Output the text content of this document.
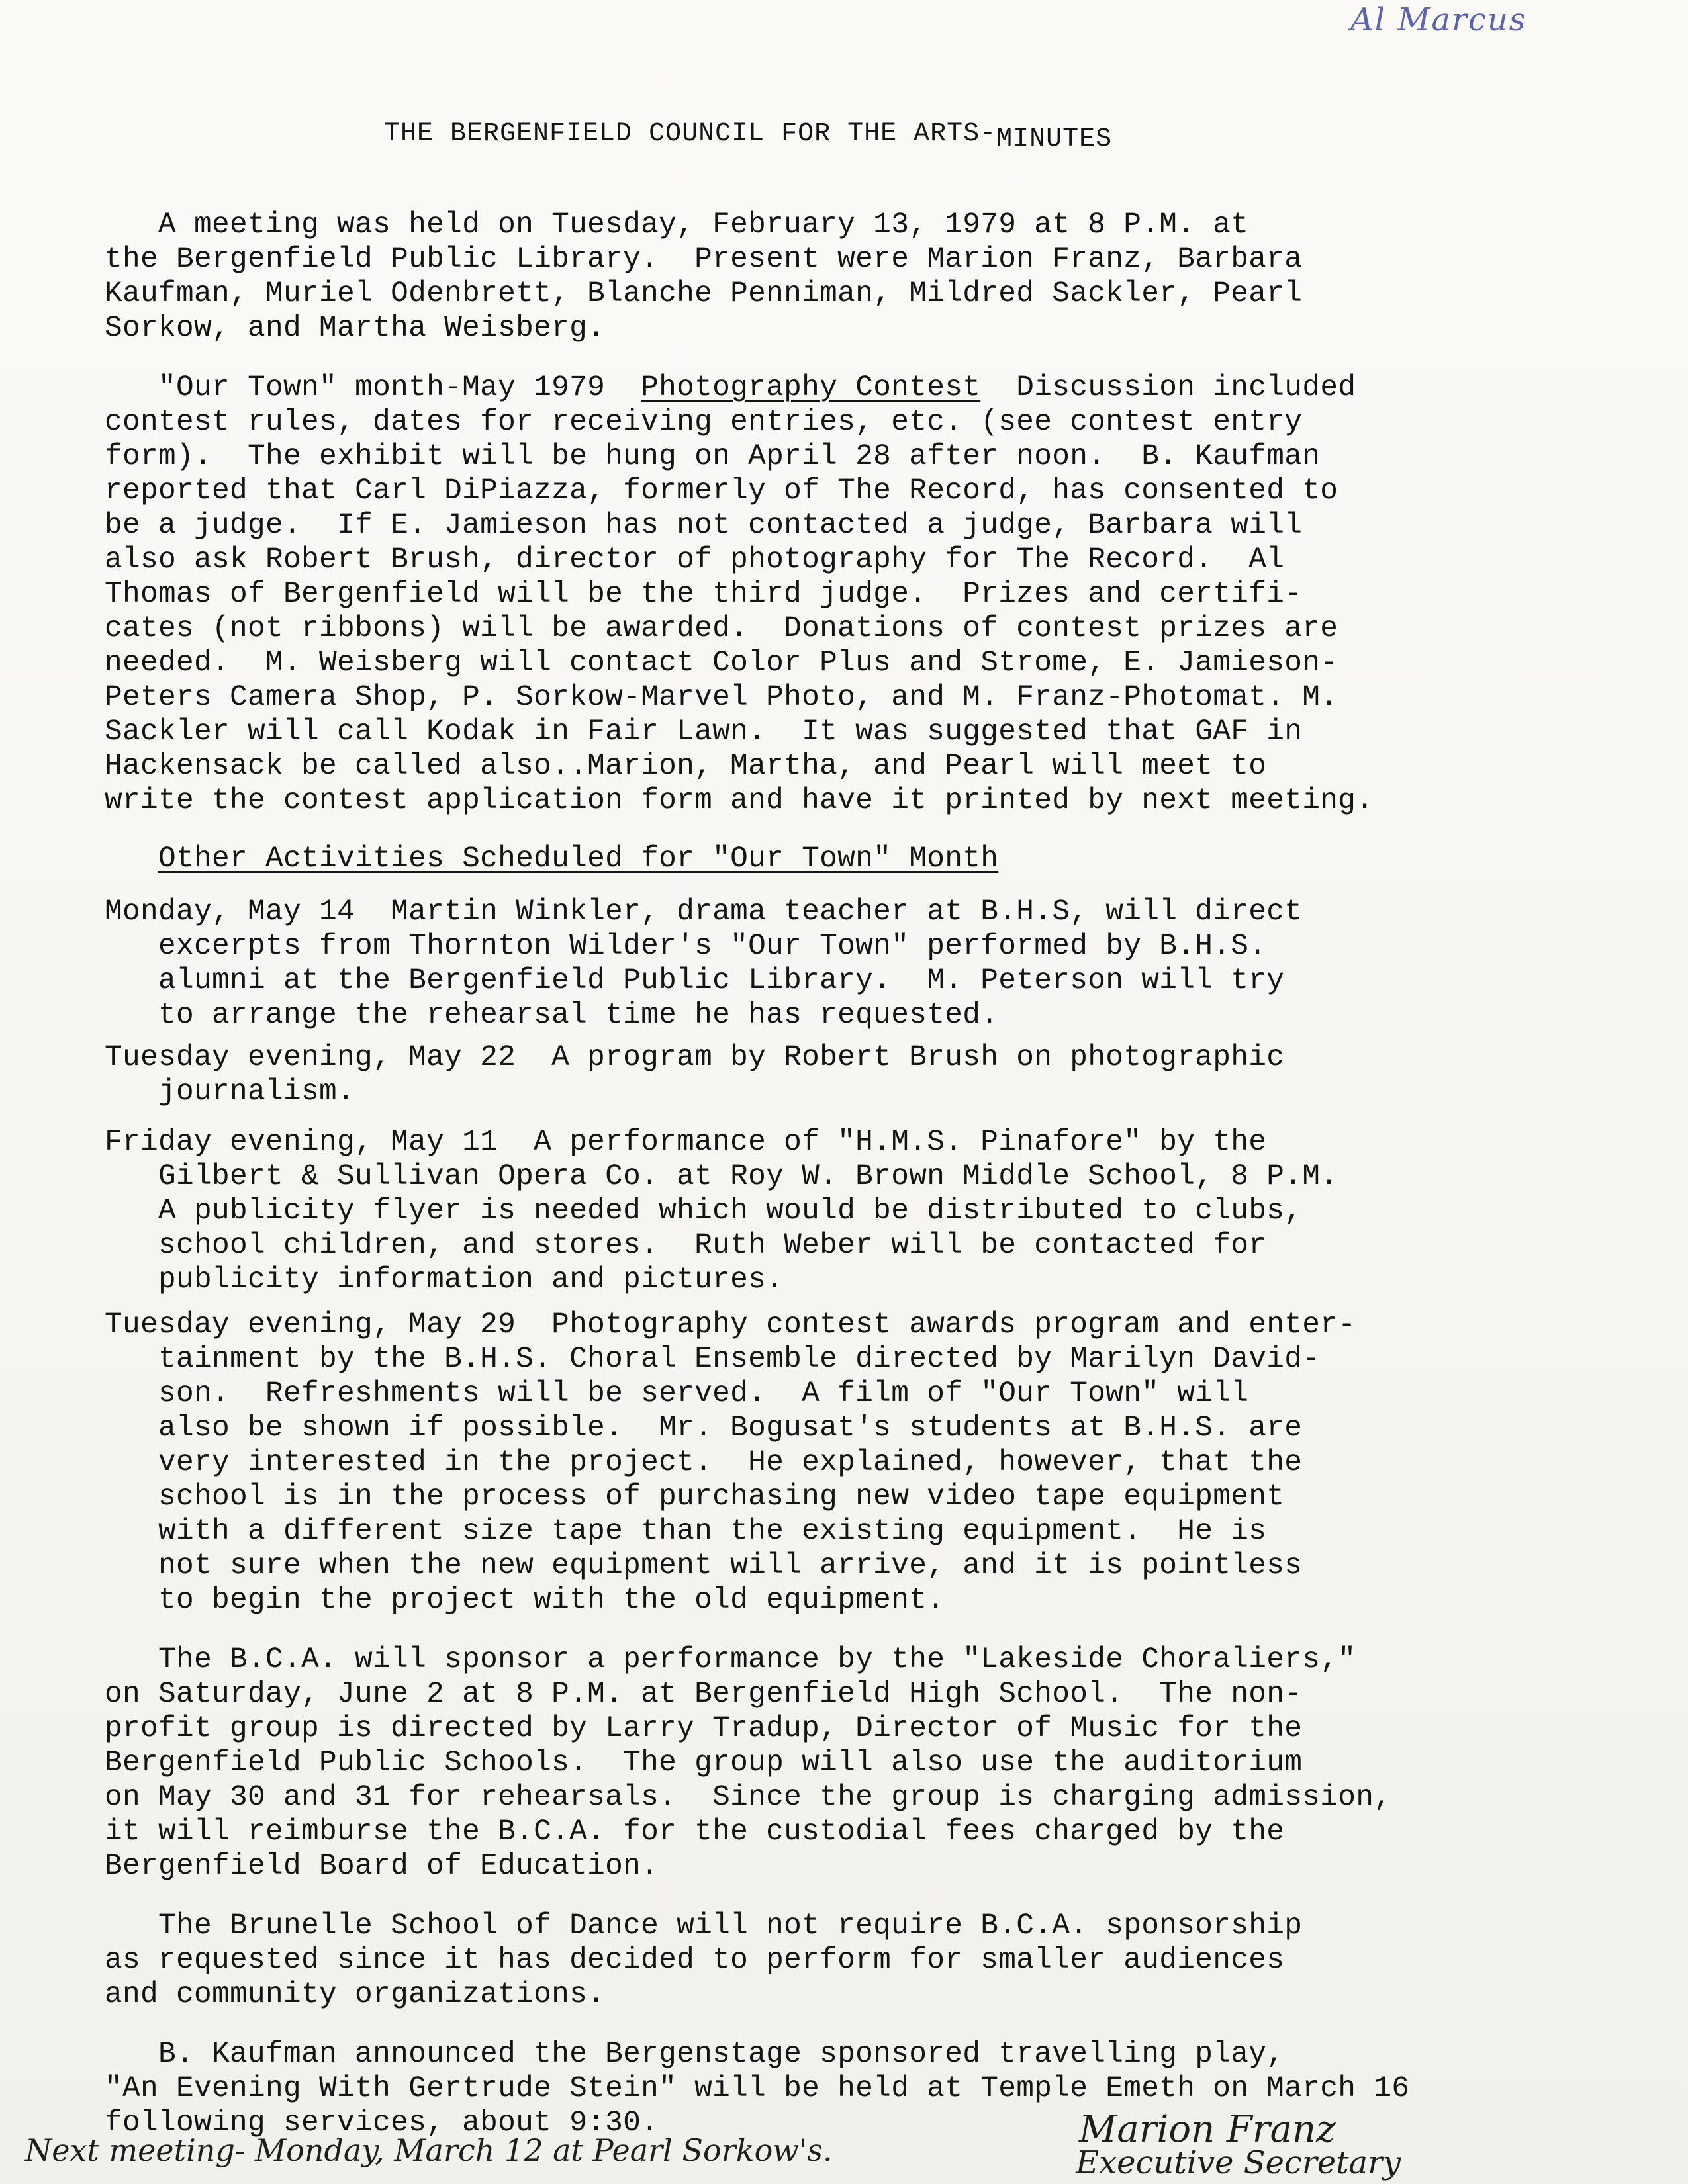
Al Marcus
THE BERGENFIELD COUNCIL FOR THE ARTS-MINUTES
A meeting was held on Tuesday, February 13, 1979 at 8 P.M. at
the Bergenfield Public Library.  Present were Marion Franz, Barbara
Kaufman, Muriel Odenbrett, Blanche Penniman, Mildred Sackler, Pearl
Sorkow, and Martha Weisberg.
"Our Town" month-May 1979  Photography Contest  Discussion included
contest rules, dates for receiving entries, etc. (see contest entry
form).  The exhibit will be hung on April 28 after noon.  B. Kaufman
reported that Carl DiPiazza, formerly of The Record, has consented to
be a judge.  If E. Jamieson has not contacted a judge, Barbara will
also ask Robert Brush, director of photography for The Record.  Al
Thomas of Bergenfield will be the third judge.  Prizes and certifi-
cates (not ribbons) will be awarded.  Donations of contest prizes are
needed.  M. Weisberg will contact Color Plus and Strome, E. Jamieson-
Peters Camera Shop, P. Sorkow-Marvel Photo, and M. Franz-Photomat. M.
Sackler will call Kodak in Fair Lawn.  It was suggested that GAF in
Hackensack be called also..Marion, Martha, and Pearl will meet to
write the contest application form and have it printed by next meeting.
Other Activities Scheduled for "Our Town" Month
Monday, May 14  Martin Winkler, drama teacher at B.H.S, will direct
excerpts from Thornton Wilder's "Our Town" performed by B.H.S.
alumni at the Bergenfield Public Library.  M. Peterson will try
to arrange the rehearsal time he has requested.
Tuesday evening, May 22  A program by Robert Brush on photographic
journalism.
Friday evening, May 11  A performance of "H.M.S. Pinafore" by the
Gilbert & Sullivan Opera Co. at Roy W. Brown Middle School, 8 P.M.
A publicity flyer is needed which would be distributed to clubs,
school children, and stores.  Ruth Weber will be contacted for
publicity information and pictures.
Tuesday evening, May 29  Photography contest awards program and enter-
tainment by the B.H.S. Choral Ensemble directed by Marilyn David-
son.  Refreshments will be served.  A film of "Our Town" will
also be shown if possible.  Mr. Bogusat's students at B.H.S. are
very interested in the project.  He explained, however, that the
school is in the process of purchasing new video tape equipment
with a different size tape than the existing equipment.  He is
not sure when the new equipment will arrive, and it is pointless
to begin the project with the old equipment.
The B.C.A. will sponsor a performance by the "Lakeside Choraliers,"
on Saturday, June 2 at 8 P.M. at Bergenfield High School.  The non-
profit group is directed by Larry Tradup, Director of Music for the
Bergenfield Public Schools.  The group will also use the auditorium
on May 30 and 31 for rehearsals.  Since the group is charging admission,
it will reimburse the B.C.A. for the custodial fees charged by the
Bergenfield Board of Education.
The Brunelle School of Dance will not require B.C.A. sponsorship
as requested since it has decided to perform for smaller audiences
and community organizations.
B. Kaufman announced the Bergenstage sponsored travelling play,
"An Evening With Gertrude Stein" will be held at Temple Emeth on March 16
following services, about 9:30.
Next meeting- Monday, March 12 at Pearl Sorkow's.	Marion Franz
Executive Secretary
